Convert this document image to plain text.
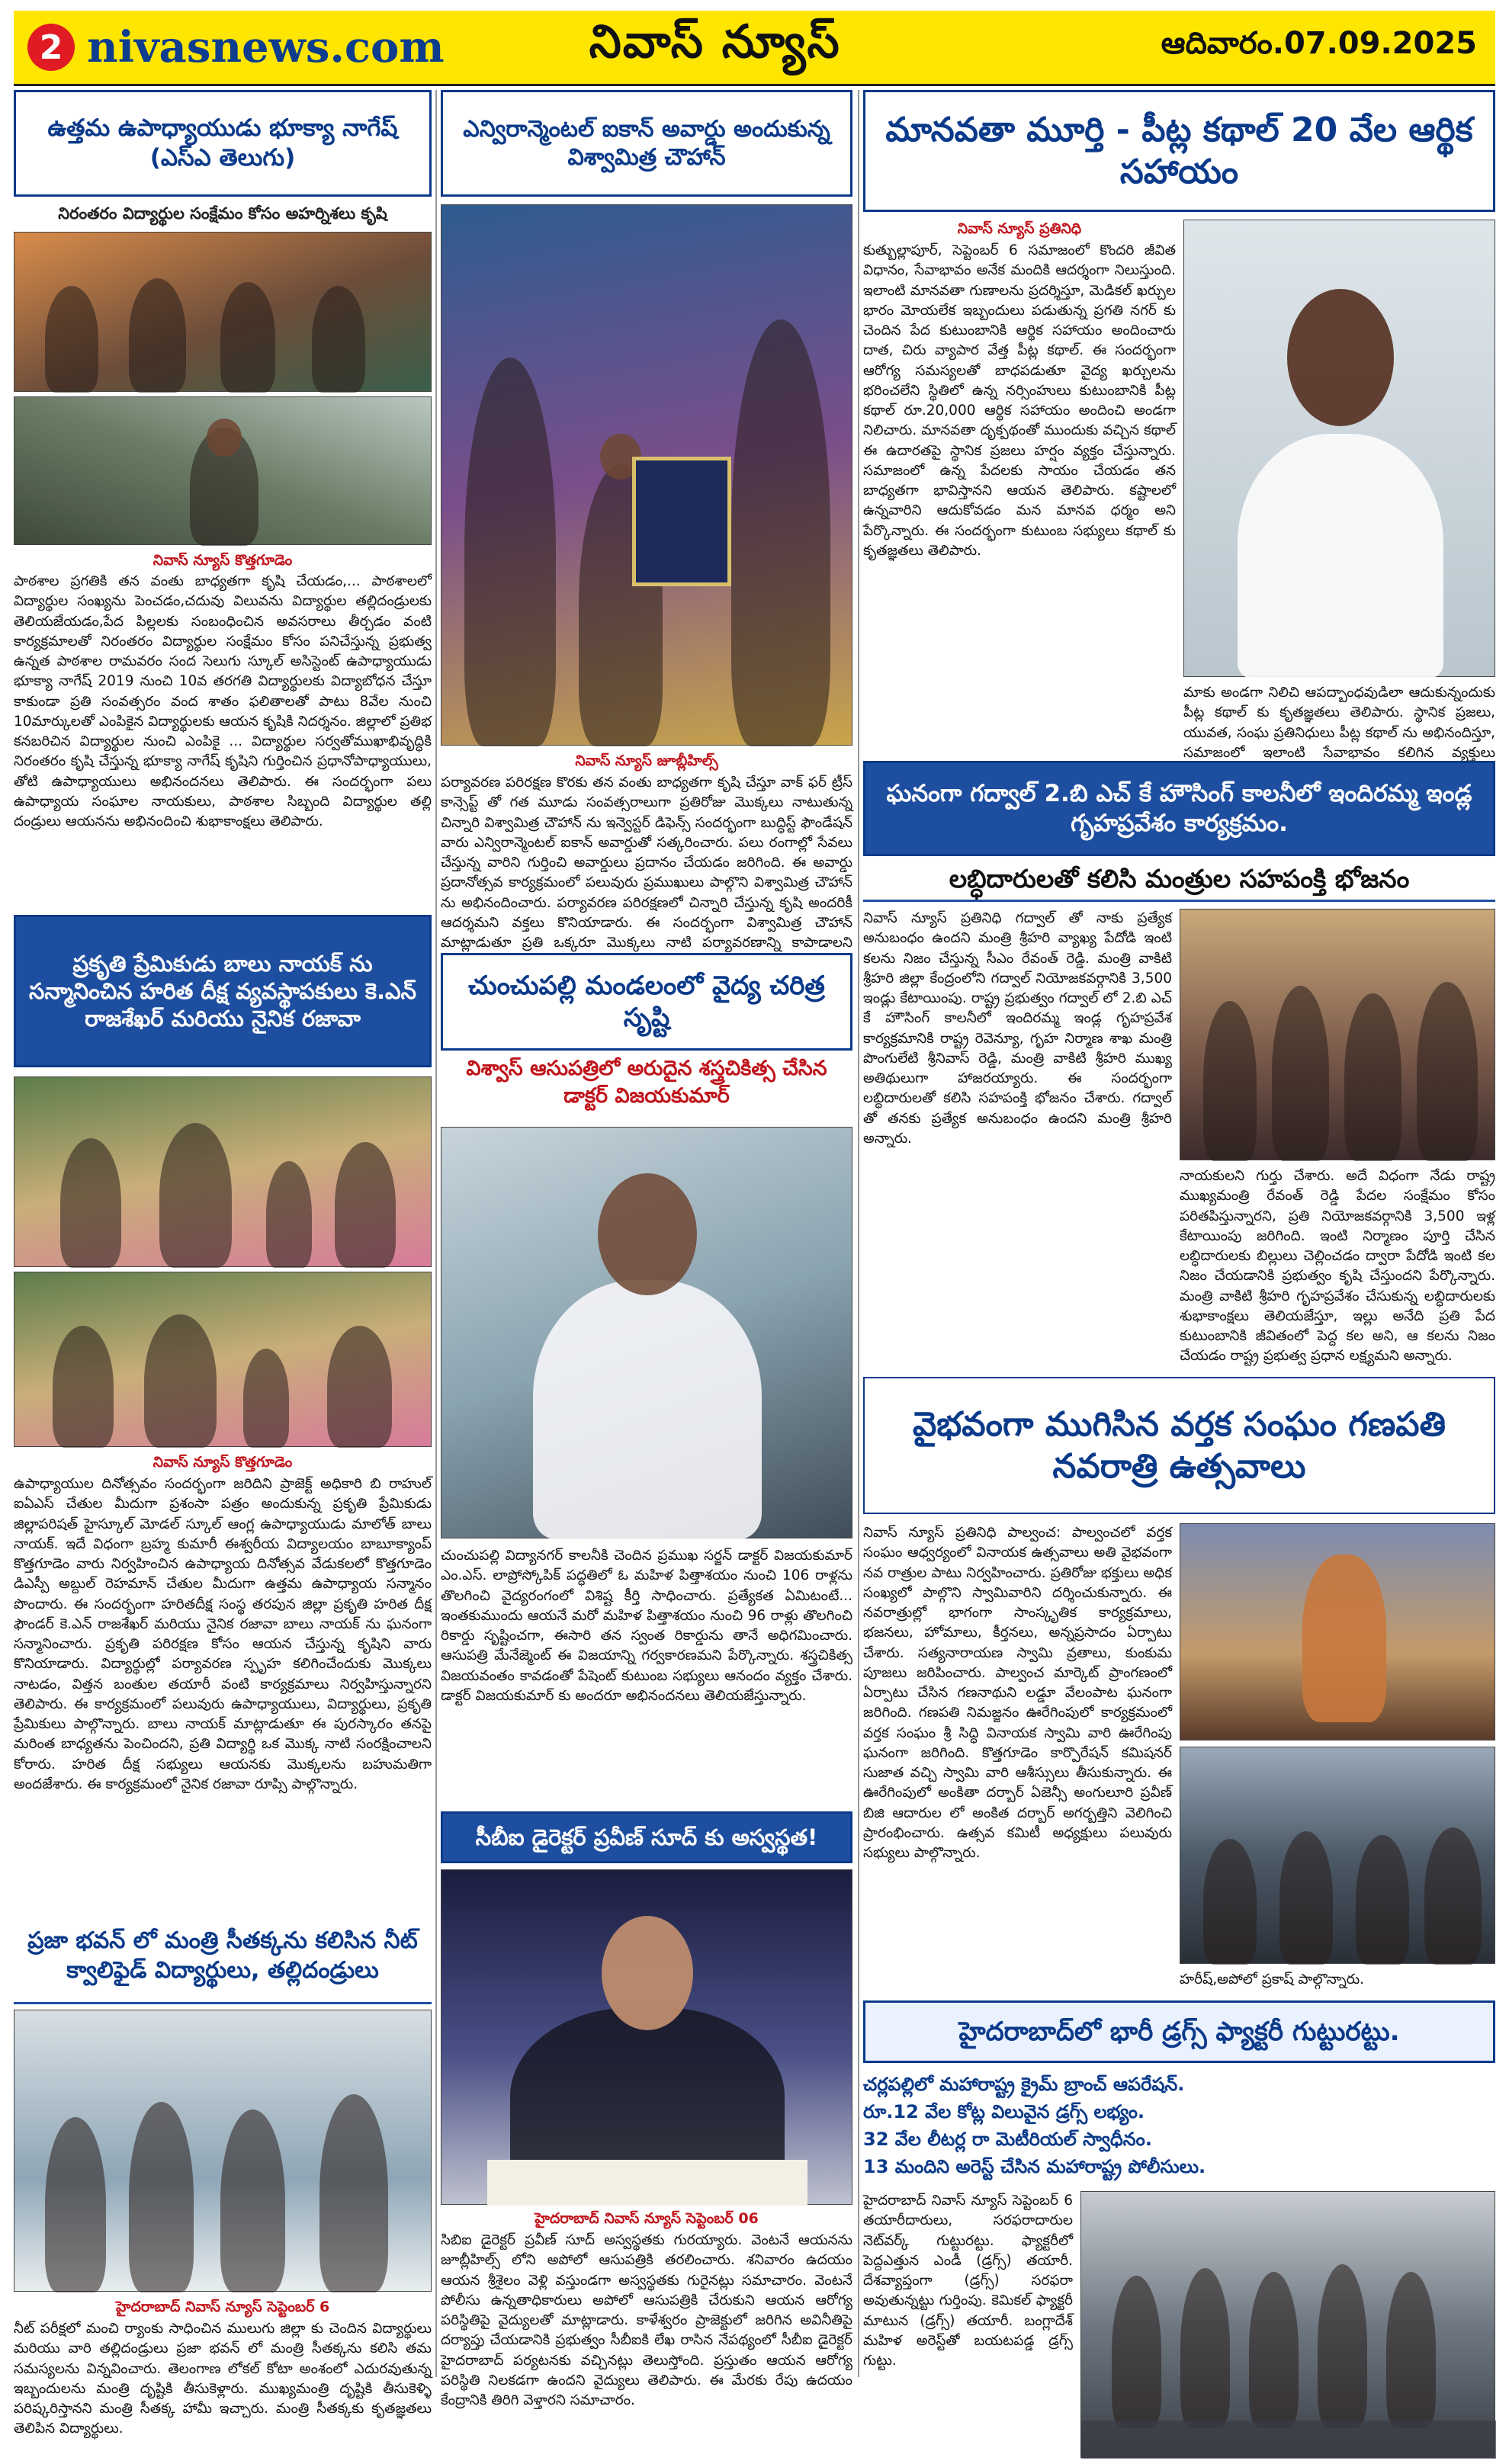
2 nivasnews.com	నివాస్ న్యూస్	ఆదివారం.07.09.2025
ఉత్తమ ఉపాధ్యాయుడు భూక్యా నాగేష్ (ఎస్ఎ తెలుగు)
నిరంతరం విద్యార్థుల సంక్షేమం కోసం అహర్నిశలు కృషి
నివాస్ న్యూస్ కొత్తగూడెం
పాఠశాల ప్రగతికి తన వంతు బాధ్యతగా కృషి చేయడం,... పాఠశాలలో విద్యార్థుల సంఖ్యను పెంచడం,చదువు విలువను విద్యార్థుల తల్లిదండ్రులకు తెలియజేయడం,పేద పిల్లలకు సంబంధించిన అవసరాలు తీర్చడం వంటి కార్యక్రమాలతో నిరంతరం విద్యార్థుల సంక్షేమం కోసం పనిచేస్తున్న ప్రభుత్వ ఉన్నత పాఠశాల రామవరం సంద సెలుగు స్కూల్ అసిస్టెంట్ ఉపాధ్యాయుడు భూక్యా నాగేష్ 2019 నుంచి 10వ తరగతి విద్యార్థులకు విద్యాబోధన చేస్తూ కాకుండా ప్రతి సంవత్సరం వంద శాతం ఫలితాలతో పాటు 8వేల నుంచి 10మార్కులతో ఎంపికైన విద్యార్థులకు ఆయన కృషికి నిదర్శనం. జిల్లాలో ప్రతిభ కనబరిచిన విద్యార్థుల నుంచి ఎంపికై ... విద్యార్థుల సర్వతోముఖాభివృద్ధికి నిరంతరం కృషి చేస్తున్న భూక్యా నాగేష్ కృషిని గుర్తించిన ప్రధానోపాధ్యాయులు, తోటి ఉపాధ్యాయులు అభినందనలు తెలిపారు. ఈ సందర్భంగా పలు ఉపాధ్యాయ సంఘాల నాయకులు, పాఠశాల సిబ్బంది విద్యార్థుల తల్లి దండ్రులు ఆయనను అభినందించి శుభాకాంక్షలు తెలిపారు.
ప్రకృతి ప్రేమికుడు బాలు నాయక్ ను సన్మానించిన హరిత దీక్ష వ్యవస్థాపకులు కె.ఎన్ రాజశేఖర్ మరియు నైనిక రజావా
నివాస్ న్యూస్ కొత్తగూడెం
ఉపాధ్యాయుల దినోత్సవం సందర్భంగా జరిదిని ప్రాజెక్ట్ అధికారి బి రాహుల్ ఐఏఎస్ చేతుల మీదుగా ప్రశంసా పత్రం అందుకున్న ప్రకృతి ప్రేమికుడు జిల్లాపరిషత్ హైస్కూల్ మోడల్ స్కూల్ ఆంగ్ల ఉపాధ్యాయుడు మాలోత్ బాలు నాయక్. ఇదే విధంగా బ్రహ్మ కుమారీ ఈశ్వరీయ విద్యాలయం బాబూక్యాంప్ కొత్తగూడెం వారు నిర్వహించిన ఉపాధ్యాయ దినోత్సవ వేడుకలలో కొత్తగూడెం డిఎస్పీ అబ్దుల్ రెహమాన్ చేతుల మీదుగా ఉత్తమ ఉపాధ్యాయ సన్మానం పొందారు. ఈ సందర్భంగా హరితదీక్ష సంస్థ తరపున జిల్లా ప్రకృతి హరిత దీక్ష ఫౌండర్ కె.ఎన్ రాజశేఖర్ మరియు నైనిక రజావా బాలు నాయక్ ను ఘనంగా సన్మానించారు. ప్రకృతి పరిరక్షణ కోసం ఆయన చేస్తున్న కృషిని వారు కొనియాడారు. విద్యార్థుల్లో పర్యావరణ స్పృహ కలిగించేందుకు మొక్కలు నాటడం, విత్తన బంతుల తయారీ వంటి కార్యక్రమాలు నిర్వహిస్తున్నారని తెలిపారు. ఈ కార్యక్రమంలో పలువురు ఉపాధ్యాయులు, విద్యార్థులు, ప్రకృతి ప్రేమికులు పాల్గొన్నారు. బాలు నాయక్ మాట్లాడుతూ ఈ పురస్కారం తనపై మరింత బాధ్యతను పెంచిందని, ప్రతి విద్యార్థి ఒక మొక్క నాటి సంరక్షించాలని కోరారు. హరిత దీక్ష సభ్యులు ఆయనకు మొక్కలను బహుమతిగా అందజేశారు. ఈ కార్యక్రమంలో నైనిక రజావా రూప్సి పాల్గొన్నారు.
ప్రజా భవన్ లో మంత్రి సీతక్కను కలిసిన నీట్ క్వాలిఫైడ్ విద్యార్థులు, తల్లిదండ్రులు
హైదరాబాద్ నివాస్ న్యూస్ సెప్టెంబర్ 6
నీట్ పరీక్షలో మంచి ర్యాంకు సాధించిన ములుగు జిల్లా కు చెందిన విద్యార్థులు మరియు వారి తల్లిదండ్రులు ప్రజా భవన్ లో మంత్రి సీతక్కను కలిసి తమ సమస్యలను విన్నవించారు. తెలంగాణ లోకల్ కోటా అంశంలో ఎదురవుతున్న ఇబ్బందులను మంత్రి దృష్టికి తీసుకెళ్లారు. ముఖ్యమంత్రి దృష్టికి తీసుకెళ్ళి పరిష్కరిస్తానని మంత్రి సీతక్క హామీ ఇచ్చారు. మంత్రి సీతక్కకు కృతజ్ఞతలు తెలిపిన విద్యార్థులు.
ఎన్విరాన్మెంటల్ ఐకాన్ అవార్డు అందుకున్న విశ్వామిత్ర చౌహాన్
నివాస్ న్యూస్ జూబ్లీహిల్స్
పర్యావరణ పరిరక్షణ కొరకు తన వంతు బాధ్యతగా కృషి చేస్తూ వాక్ ఫర్ ట్రీస్ కాన్సెప్ట్ తో గత మూడు సంవత్సరాలుగా ప్రతిరోజు మొక్కలు నాటుతున్న చిన్నారి విశ్వామిత్ర చౌహాన్ ను ఇన్వెస్టర్ డిఫెన్స్ సందర్భంగా బుద్ధిస్ట్ ఫౌండేషన్ వారు ఎన్విరాన్మెంటల్ ఐకాన్ అవార్డుతో సత్కరించారు. పలు రంగాల్లో సేవలు చేస్తున్న వారిని గుర్తించి అవార్డులు ప్రదానం చేయడం జరిగింది. ఈ అవార్డు ప్రదానోత్సవ కార్యక్రమంలో పలువురు ప్రముఖులు పాల్గొని విశ్వామిత్ర చౌహాన్ ను అభినందించారు. పర్యావరణ పరిరక్షణలో చిన్నారి చేస్తున్న కృషి అందరికీ ఆదర్శమని వక్తలు కొనియాడారు. ఈ సందర్భంగా విశ్వామిత్ర చౌహాన్ మాట్లాడుతూ ప్రతి ఒక్కరూ మొక్కలు నాటి పర్యావరణాన్ని కాపాడాలని
చుంచుపల్లి మండలంలో వైద్య చరిత్ర సృష్టి
విశ్వాస్ ఆసుపత్రిలో అరుదైన శస్త్రచికిత్స చేసిన డాక్టర్ విజయకుమార్
చుంచుపల్లి విద్యానగర్ కాలనీకి చెందిన ప్రముఖ సర్జన్ డాక్టర్ విజయకుమార్ ఎం.ఎస్. లాప్రోస్కోపిక్ పద్ధతిలో ఓ మహిళ పిత్తాశయం నుంచి 106 రాళ్లను తొలగించి వైద్యరంగంలో విశిష్ట కీర్తి సాధించారు. ప్రత్యేకత ఏమిటంటే... ఇంతకుముందు ఆయనే మరో మహిళ పిత్తాశయం నుంచి 96 రాళ్లు తొలగించి రికార్డు సృష్టించగా, ఈసారి తన స్వంత రికార్డును తానే అధిగమించారు. ఆసుపత్రి మేనేజ్మెంట్ ఈ విజయాన్ని గర్వకారణమని పేర్కొన్నారు. శస్త్రచికిత్స విజయవంతం కావడంతో పేషెంట్ కుటుంబ సభ్యులు ఆనందం వ్యక్తం చేశారు. డాక్టర్ విజయకుమార్ కు అందరూ అభినందనలు తెలియజేస్తున్నారు.
సీబీఐ డైరెక్టర్ ప్రవీణ్ సూద్ కు అస్వస్థత!
హైదరాబాద్ నివాస్ న్యూస్ సెప్టెంబర్ 06
సిబిఐ డైరెక్టర్ ప్రవీణ్ సూద్ అస్వస్థతకు గురయ్యారు. వెంటనే ఆయనను జూబ్లీహిల్స్ లోని అపోలో ఆసుపత్రికి తరలించారు. శనివారం ఉదయం ఆయన శ్రీశైలం వెళ్లి వస్తుండగా అస్వస్థతకు గురైనట్లు సమాచారం. వెంటనే పోలీసు ఉన్నతాధికారులు అపోలో ఆసుపత్రికి చేరుకుని ఆయన ఆరోగ్య పరిస్థితిపై వైద్యులతో మాట్లాడారు. కాళేశ్వరం ప్రాజెక్టులో జరిగిన అవినీతిపై దర్యాప్తు చేయడానికి ప్రభుత్వం సీబీఐకి లేఖ రాసిన నేపథ్యంలో సీబీఐ డైరెక్టర్ హైదరాబాద్ పర్యటనకు వచ్చినట్లు తెలుస్తోంది. ప్రస్తుతం ఆయన ఆరోగ్య పరిస్థితి నిలకడగా ఉందని వైద్యులు తెలిపారు. ఈ మేరకు రేపు ఉదయం కేంద్రానికి తిరిగి వెళ్తారని సమాచారం.
మానవతా మూర్తి - పీట్ల కథాల్ 20 వేల ఆర్థిక సహాయం
నివాస్ న్యూస్ ప్రతినిధి
కుత్బుల్లాపూర్, సెప్టెంబర్ 6 సమాజంలో కొందరి జీవిత విధానం, సేవాభావం అనేక మందికి ఆదర్శంగా నిలుస్తుంది. ఇలాంటి మానవతా గుణాలను ప్రదర్శిస్తూ, మెడికల్ ఖర్చుల భారం మోయలేక ఇబ్బందులు పడుతున్న ప్రగతి నగర్ కు చెందిన పేద కుటుంబానికి ఆర్థిక సహాయం అందించారు దాత, చిరు వ్యాపార వేత్త పీట్ల కథాల్. ఈ సందర్భంగా ఆరోగ్య సమస్యలతో బాధపడుతూ వైద్య ఖర్చులను భరించలేని స్థితిలో ఉన్న నర్సింహులు కుటుంబానికి పీట్ల కథాల్ రూ.20,000 ఆర్థిక సహాయం అందించి అండగా నిలిచారు. మానవతా దృక్పథంతో ముందుకు వచ్చిన కథాల్ ఈ ఉదారతపై స్థానిక ప్రజలు హర్షం వ్యక్తం చేస్తున్నారు. సమాజంలో ఉన్న పేదలకు సాయం చేయడం తన బాధ్యతగా భావిస్తానని ఆయన తెలిపారు. కష్టాలలో ఉన్నవారిని ఆదుకోవడం మన మానవ ధర్మం అని పేర్కొన్నారు. ఈ సందర్భంగా కుటుంబ సభ్యులు కథాల్ కు కృతజ్ఞతలు తెలిపారు.
మాకు అండగా నిలిచి ఆపద్బాంధవుడిలా ఆదుకున్నందుకు పీట్ల కథాల్ కు కృతజ్ఞతలు తెలిపారు. స్థానిక ప్రజలు, యువత, సంఘ ప్రతినిధులు పీట్ల కథాల్ ను అభినందిస్తూ, సమాజంలో ఇలాంటి సేవాభావం కలిగిన వ్యక్తులు
ఘనంగా గద్వాల్ 2.బి ఎచ్ కే హౌసింగ్ కాలనీలో ఇందిరమ్మ ఇండ్ల గృహప్రవేశం కార్యక్రమం.
లబ్ధిదారులతో కలిసి మంత్రుల సహపంక్తి భోజనం
నివాస్ న్యూస్ ప్రతినిధి గద్వాల్ తో నాకు ప్రత్యేక అనుబంధం ఉందని మంత్రి శ్రీహరి వ్యాఖ్య పేదోడి ఇంటి కలను నిజం చేస్తున్న సీఎం రేవంత్ రెడ్డి. మంత్రి వాకిటి శ్రీహరి జిల్లా కేంద్రంలోని గద్వాల్ నియోజకవర్గానికి 3,500 ఇండ్లు కేటాయింపు. రాష్ట్ర ప్రభుత్వం గద్వాల్ లో 2.బి ఎచ్ కే హౌసింగ్ కాలనీలో ఇందిరమ్మ ఇండ్ల గృహప్రవేశ కార్యక్రమానికి రాష్ట్ర రెవెన్యూ, గృహ నిర్మాణ శాఖ మంత్రి పొంగులేటి శ్రీనివాస్ రెడ్డి, మంత్రి వాకిటి శ్రీహరి ముఖ్య అతిథులుగా హాజరయ్యారు. ఈ సందర్భంగా లబ్ధిదారులతో కలిసి సహపంక్తి భోజనం చేశారు. గద్వాల్ తో తనకు ప్రత్యేక అనుబంధం ఉందని మంత్రి శ్రీహరి అన్నారు.
నాయకులని గుర్తు చేశారు. అదే విధంగా నేడు రాష్ట్ర ముఖ్యమంత్రి రేవంత్ రెడ్డి పేదల సంక్షేమం కోసం పరితపిస్తున్నారని, ప్రతి నియోజకవర్గానికి 3,500 ఇళ్ల కేటాయింపు జరిగింది. ఇంటి నిర్మాణం పూర్తి చేసిన లబ్ధిదారులకు బిల్లులు చెల్లించడం ద్వారా పేదోడి ఇంటి కల నిజం చేయడానికి ప్రభుత్వం కృషి చేస్తుందని పేర్కొన్నారు. మంత్రి వాకిటి శ్రీహరి గృహప్రవేశం చేసుకున్న లబ్ధిదారులకు శుభాకాంక్షలు తెలియజేస్తూ, ఇల్లు అనేది ప్రతి పేద కుటుంబానికి జీవితంలో పెద్ద కల అని, ఆ కలను నిజం చేయడం రాష్ట్ర ప్రభుత్వ ప్రధాన లక్ష్యమని అన్నారు.
వైభవంగా ముగిసిన వర్తక సంఘం గణపతి నవరాత్రి ఉత్సవాలు
నివాస్ న్యూస్ ప్రతినిధి పాల్వంచ: పాల్వంచలో వర్తక సంఘం ఆధ్వర్యంలో వినాయక ఉత్సవాలు అతి వైభవంగా నవ రాత్రుల పాటు నిర్వహించారు. ప్రతిరోజు భక్తులు అధిక సంఖ్యలో పాల్గొని స్వామివారిని దర్శించుకున్నారు. ఈ నవరాత్రుల్లో భాగంగా సాంస్కృతిక కార్యక్రమాలు, భజనలు, హోమాలు, కీర్తనలు, అన్నప్రసాదం ఏర్పాటు చేశారు. సత్యనారాయణ స్వామి వ్రతాలు, కుంకుమ పూజలు జరిపించారు. పాల్వంచ మార్కెట్ ప్రాంగణంలో ఏర్పాటు చేసిన గణనాథుని లడ్డూ వేలంపాట ఘనంగా జరిగింది. గణపతి నిమజ్జనం ఊరేగింపులో కార్యక్రమంలో వర్తక సంఘం శ్రీ సిద్ధి వినాయక స్వామి వారి ఊరేగింపు ఘనంగా జరిగింది. కొత్తగూడెం కార్పొరేషన్ కమిషనర్ సుజాత వచ్చి స్వామి వారి ఆశీస్సులు తీసుకున్నారు. ఈ ఊరేగింపులో అంకితా దర్బార్ ఏజెన్సీ అంగులూరి ప్రవీణ్ బిజి ఆదారుల లో అంకిత దర్బార్ అగర్బత్తిని వెలిగించి ప్రారంభించారు. ఉత్సవ కమిటీ అధ్యక్షులు పలువురు సభ్యులు పాల్గొన్నారు.
హరీష్,అపోలో ప్రకాష్ పాల్గొన్నారు.
హైదరాబాద్‌లో భారీ డ్రగ్స్ ఫ్యాక్టరీ గుట్టురట్టు.
చర్లపల్లిలో మహారాష్ట్ర క్రైమ్ బ్రాంచ్ ఆపరేషన్.
రూ.12 వేల కోట్ల విలువైన డ్రగ్స్ లభ్యం.
32 వేల లీటర్ల రా మెటీరియల్ స్వాధీనం.
13 మందిని అరెస్ట్ చేసిన మహారాష్ట్ర పోలీసులు.
హైదరాబాద్ నివాస్ న్యూస్ సెప్టెంబర్ 6 తయారీదారులు, సరఫరాదారుల నెట్‌వర్క్ గుట్టురట్టు. ఫ్యాక్టరీలో పెద్దఎత్తున ఎండీ (డ్రగ్స్) తయారీ. దేశవ్యాప్తంగా (డ్రగ్స్) సరఫరా అవుతున్నట్టు గుర్తింపు. కెమికల్ ఫ్యాక్టరీ మాటున (డ్రగ్స్) తయారీ. బంగ్లాదేశ్ మహిళ అరెస్ట్‌తో బయటపడ్డ డ్రగ్స్ గుట్టు.
